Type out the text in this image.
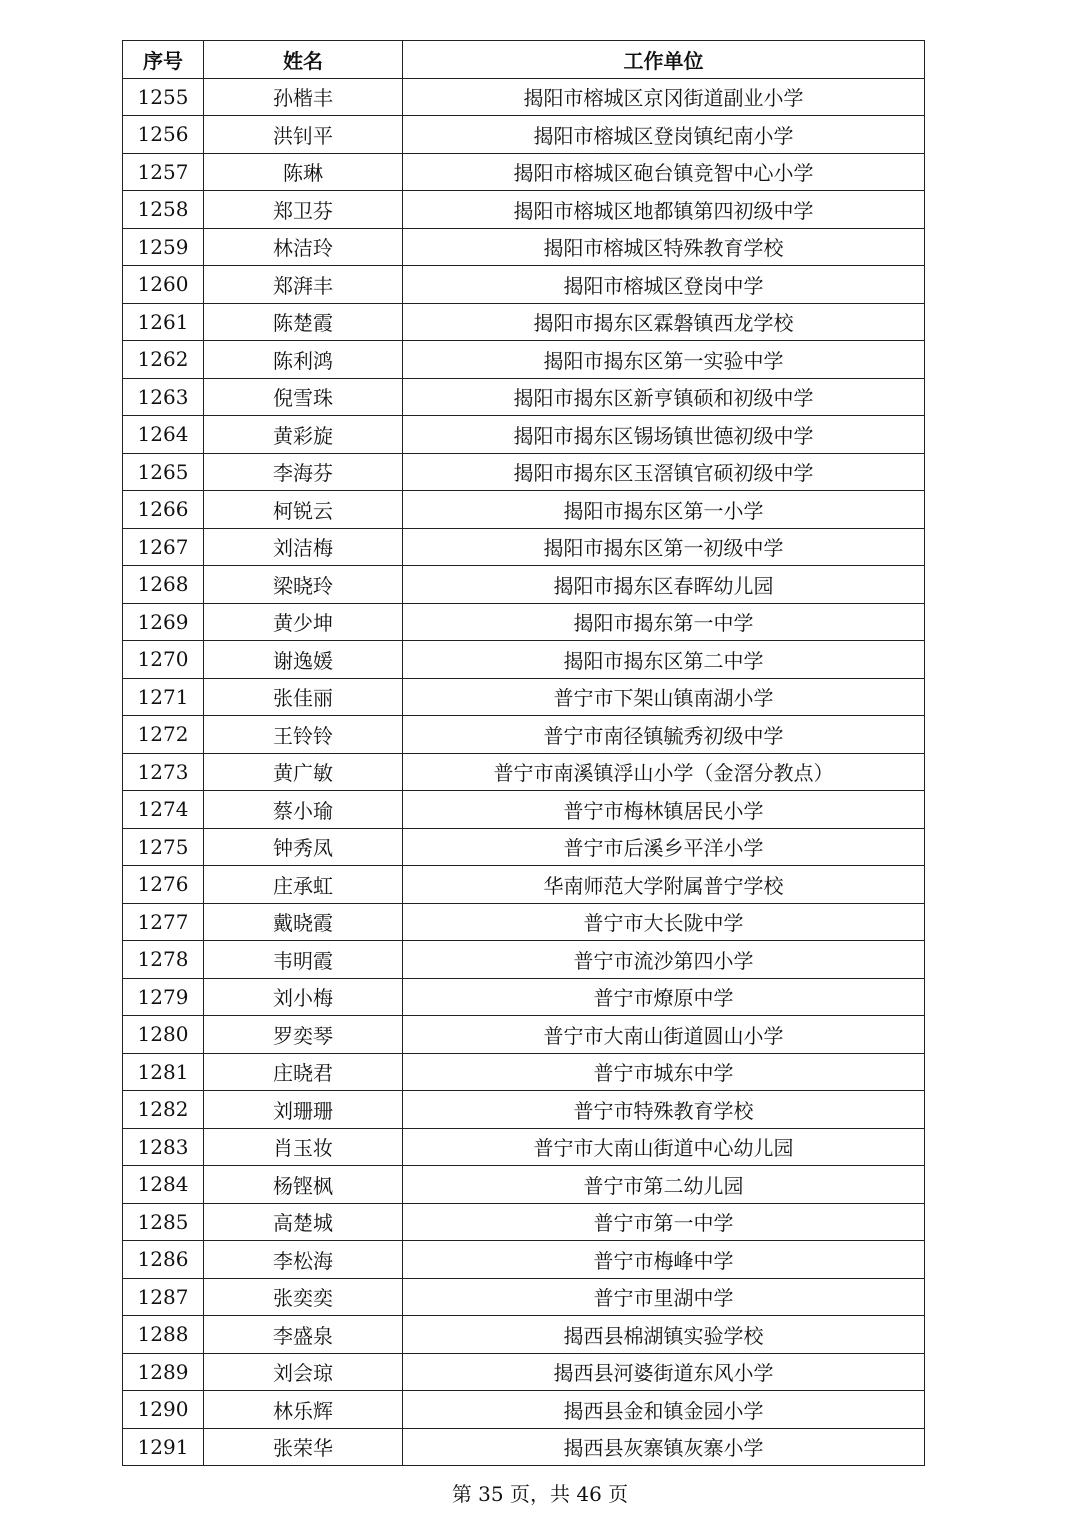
序号	姓名	工作单位
1255	孙楷丰	揭阳市榕城区京冈街道副业小学
1256	洪钊平	揭阳市榕城区登岗镇纪南小学
1257	陈琳	揭阳市榕城区砲台镇竞智中心小学
1258	郑卫芬	揭阳市榕城区地都镇第四初级中学
1259	林洁玲	揭阳市榕城区特殊教育学校
1260	郑湃丰	揭阳市榕城区登岗中学
1261	陈楚霞	揭阳市揭东区霖磐镇西龙学校
1262	陈利鸿	揭阳市揭东区第一实验中学
1263	倪雪珠	揭阳市揭东区新亨镇硕和初级中学
1264	黄彩旋	揭阳市揭东区锡场镇世德初级中学
1265	李海芬	揭阳市揭东区玉滘镇官硕初级中学
1266	柯锐云	揭阳市揭东区第一小学
1267	刘洁梅	揭阳市揭东区第一初级中学
1268	梁晓玲	揭阳市揭东区春晖幼儿园
1269	黄少坤	揭阳市揭东第一中学
1270	谢逸媛	揭阳市揭东区第二中学
1271	张佳丽	普宁市下架山镇南湖小学
1272	王铃铃	普宁市南径镇毓秀初级中学
1273	黄广敏	普宁市南溪镇浮山小学（金滘分教点）
1274	蔡小瑜	普宁市梅林镇居民小学
1275	钟秀凤	普宁市后溪乡平洋小学
1276	庄承虹	华南师范大学附属普宁学校
1277	戴晓霞	普宁市大长陇中学
1278	韦明霞	普宁市流沙第四小学
1279	刘小梅	普宁市燎原中学
1280	罗奕琴	普宁市大南山街道圆山小学
1281	庄晓君	普宁市城东中学
1282	刘珊珊	普宁市特殊教育学校
1283	肖玉妆	普宁市大南山街道中心幼儿园
1284	杨铿枫	普宁市第二幼儿园
1285	高楚城	普宁市第一中学
1286	李松海	普宁市梅峰中学
1287	张奕奕	普宁市里湖中学
1288	李盛泉	揭西县棉湖镇实验学校
1289	刘会琼	揭西县河婆街道东风小学
1290	林乐辉	揭西县金和镇金园小学
1291	张荣华	揭西县灰寨镇灰寨小学
第 35 页，共 46 页
